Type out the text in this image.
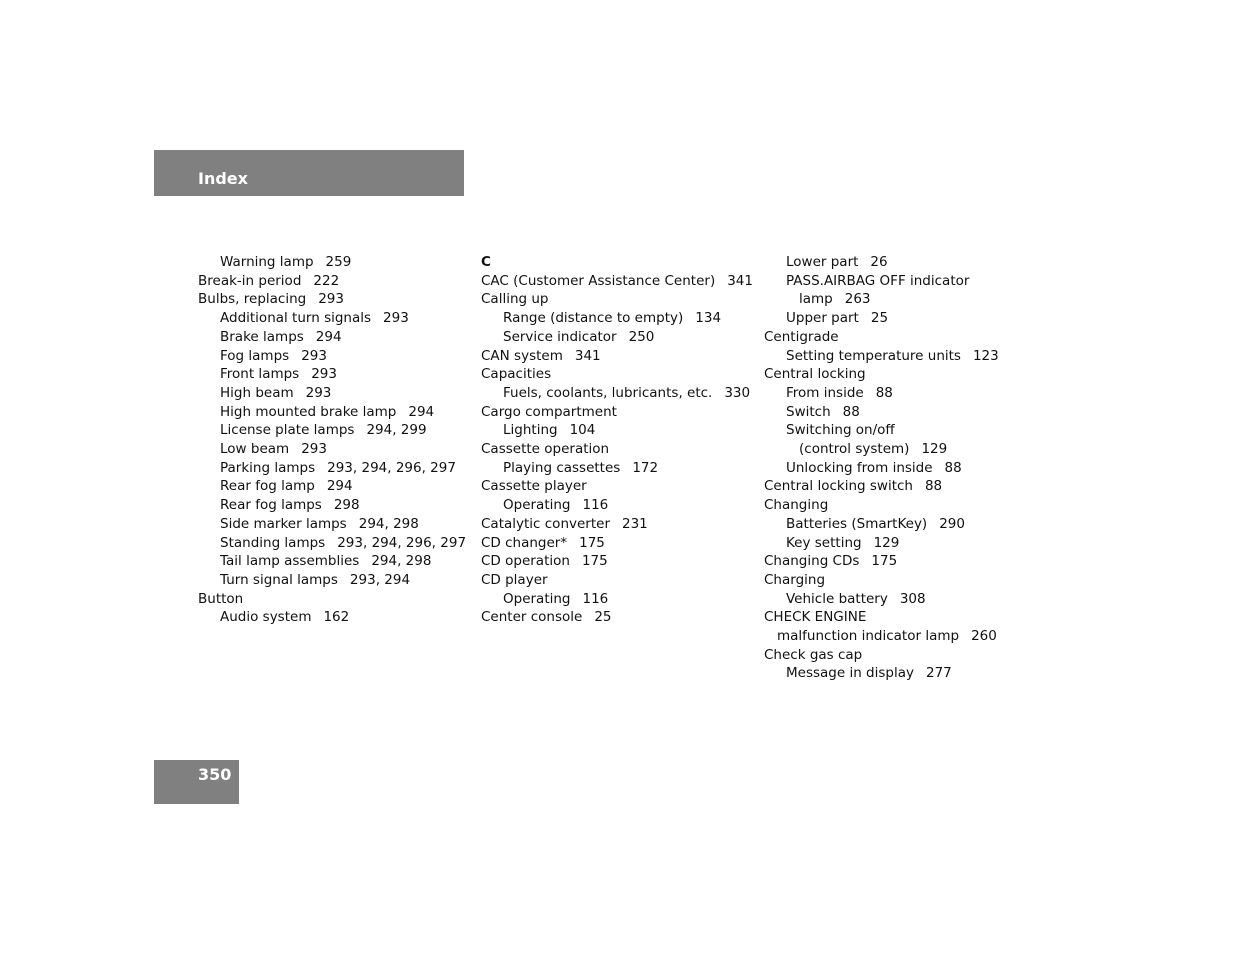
Index
Warning lamp 259
Break-in period 222
Bulbs, replacing 293
Additional turn signals 293
Brake lamps 294
Fog lamps 293
Front lamps 293
High beam 293
High mounted brake lamp 294
License plate lamps 294, 299
Low beam 293
Parking lamps 293, 294, 296, 297
Rear fog lamp 294
Rear fog lamps 298
Side marker lamps 294, 298
Standing lamps 293, 294, 296, 297
Tail lamp assemblies 294, 298
Turn signal lamps 293, 294
Button
Audio system 162
C
CAC (Customer Assistance Center) 341
Calling up
Range (distance to empty) 134
Service indicator 250
CAN system 341
Capacities
Fuels, coolants, lubricants, etc. 330
Cargo compartment
Lighting 104
Cassette operation
Playing cassettes 172
Cassette player
Operating 116
Catalytic converter 231
CD changer* 175
CD operation 175
CD player
Operating 116
Center console 25
Lower part 26
PASS.AIRBAG OFF indicator
lamp 263
Upper part 25
Centigrade
Setting temperature units 123
Central locking
From inside 88
Switch 88
Switching on/off
(control system) 129
Unlocking from inside 88
Central locking switch 88
Changing
Batteries (SmartKey) 290
Key setting 129
Changing CDs 175
Charging
Vehicle battery 308
CHECK ENGINE
malfunction indicator lamp 260
Check gas cap
Message in display 277
350
